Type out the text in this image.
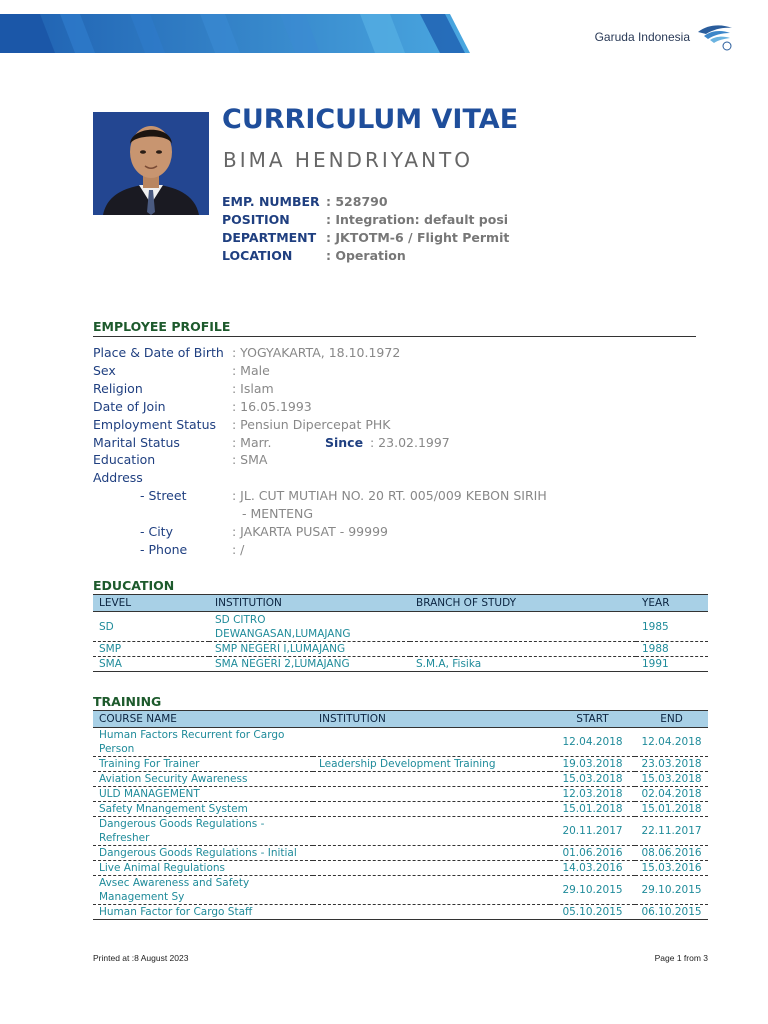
Garuda Indonesia
CURRICULUM VITAE
BIMA HENDRIYANTO
EMP. NUMBER : 528790
POSITION	: Integration: default posi
DEPARTMENT : JKTOTM-6 / Flight Permit
LOCATION	: Operation
EMPLOYEE PROFILE
Place & Date of Birth : YOGYAKARTA, 18.10.1972
Sex	: Male
Religion	: Islam
Date of Join	: 16.05.1993
Employment Status	: Pensiun Dipercepat PHK
Marital Status	: Marr.	Since : 23.02.1997
Education	: SMA
Address
- Street	: JL. CUT MUTIAH NO. 20 RT. 005/009 KEBON SIRIH
- MENTENG
- City	: JAKARTA PUSAT - 99999
- Phone	: /
EDUCATION
LEVEL	INSTITUTION	BRANCH OF STUDY	YEAR
SD	SD CITRO
DEWANGASAN,LUMAJANG		1985
SMP	SMP NEGERI I,LUMAJANG		1988
SMA	SMA NEGERI 2,LUMAJANG	S.M.A, Fisika	1991
TRAINING
COURSE NAME	INSTITUTION	START	END

Human Factors Recurrent for Cargo
Person		12.04.2018	12.04.2018
Training For Trainer	Leadership Development Training	19.03.2018	23.03.2018
Aviation Security Awareness		15.03.2018	15.03.2018
ULD MANAGEMENT		12.03.2018	02.04.2018
Safety Mnangement System		15.01.2018	15.01.2018

Dangerous Goods Regulations -
Refresher		20.11.2017	22.11.2017
Dangerous Goods Regulations - Initial		01.06.2016	08.06.2016
Live Animal Regulations		14.03.2016	15.03.2016

Avsec Awareness and Safety
Management Sy		29.10.2015	29.10.2015
Human Factor for Cargo Staff		05.10.2015	06.10.2015
Printed at :8 August 2023	Page 1 from 3
